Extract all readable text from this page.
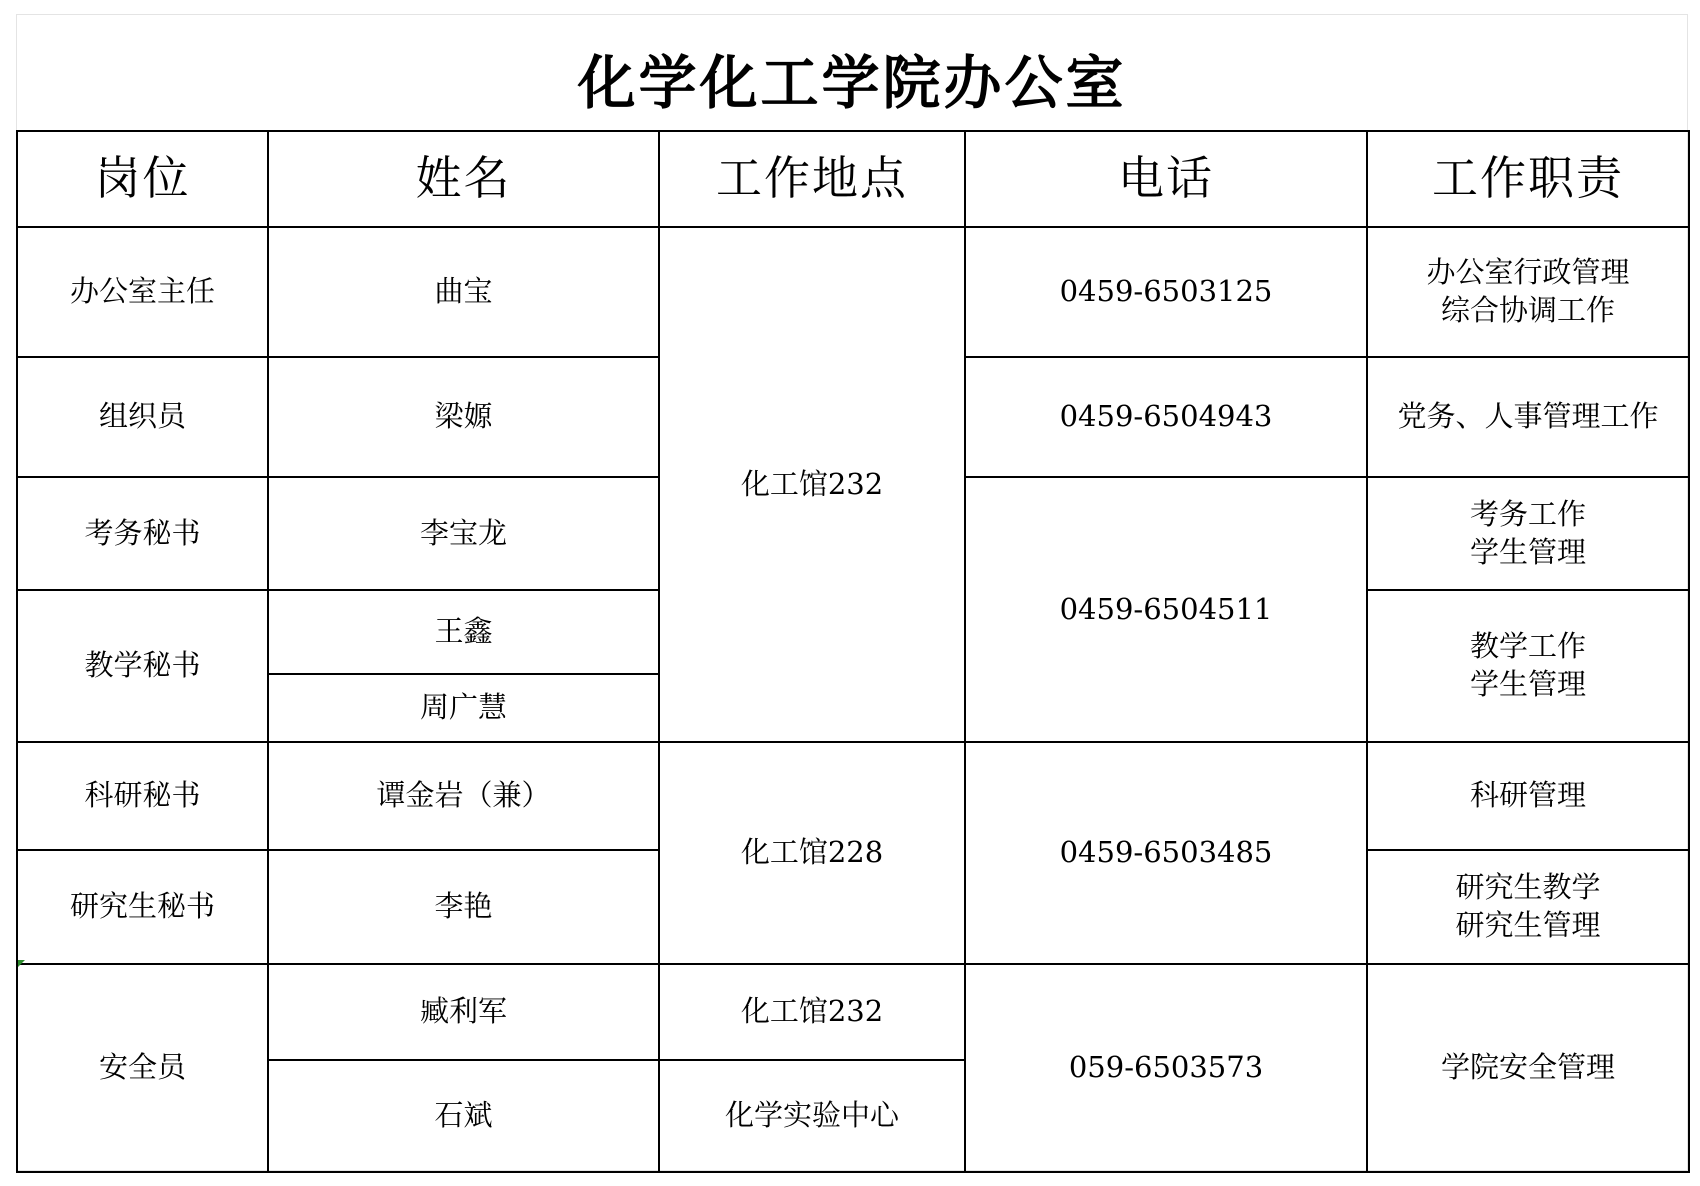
化学化工学院办公室
岗位	姓名	工作地点	电话	工作职责
办公室主任	曲宝	化工馆232	0459-6503125	办公室行政管理
综合协调工作

组织员	梁嫄		0459-6504943	党务、人事管理工作

考务秘书	李宝龙		0459-6504511	考务工作
学生管理

教学秘书	王鑫			教学工作
学生管理

	周广慧			
科研秘书	谭金岩（兼）	化工馆228	0459-6503485	科研管理

研究生秘书	李艳			研究生教学
研究生管理

安全员	臧利军	化工馆232	059-6503573	学院安全管理

	石斌	化学实验中心		
